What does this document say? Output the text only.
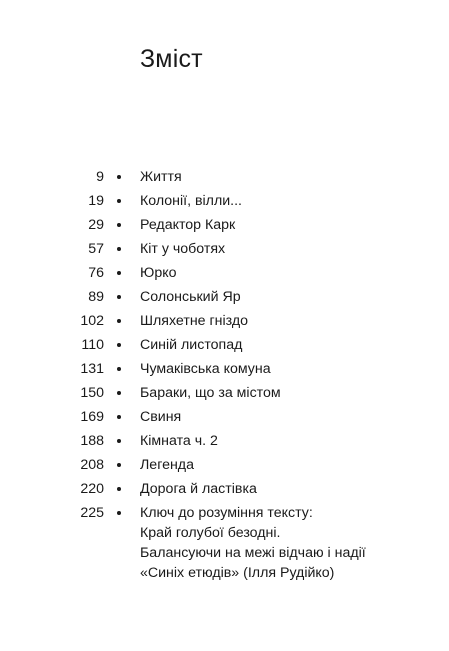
Зміст
9	Життя
19	Колонії, вілли...
29	Редактор Карк
57	Кіт у чоботях
76	Юрко
89	Солонський Яр
102	Шляхетне гніздо
110	Синій листопад
131	Чумаківська комуна
150	Бараки, що за містом
169	Свиня
188	Кімната ч. 2
208	Легенда
220	Дорога й ластівка
225	Ключ до розуміння тексту:
Край голубої безодні.
Балансуючи на межі відчаю і надії
«Синіх етюдів» (Ілля Рудійко)
